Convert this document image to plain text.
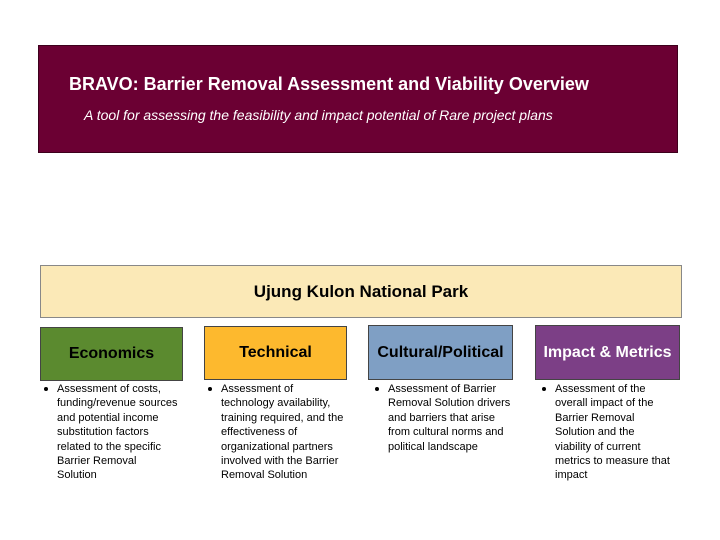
BRAVO: Barrier Removal Assessment and Viability Overview
A tool for assessing the feasibility and impact potential of Rare project plans
Ujung Kulon National Park
Economics	Technical	Cultural/Political Impact & Metrics
Assessment of costs, funding/revenue sources and potential income substitution factors related to the specific Barrier Removal Solution
Assessment of technology availability, training required, and the effectiveness of organizational partners involved with the Barrier Removal Solution
Assessment of Barrier Removal Solution drivers and barriers that arise from cultural norms and political landscape
Assessment of the overall impact of the Barrier Removal Solution and the viability of current metrics to measure that impact
